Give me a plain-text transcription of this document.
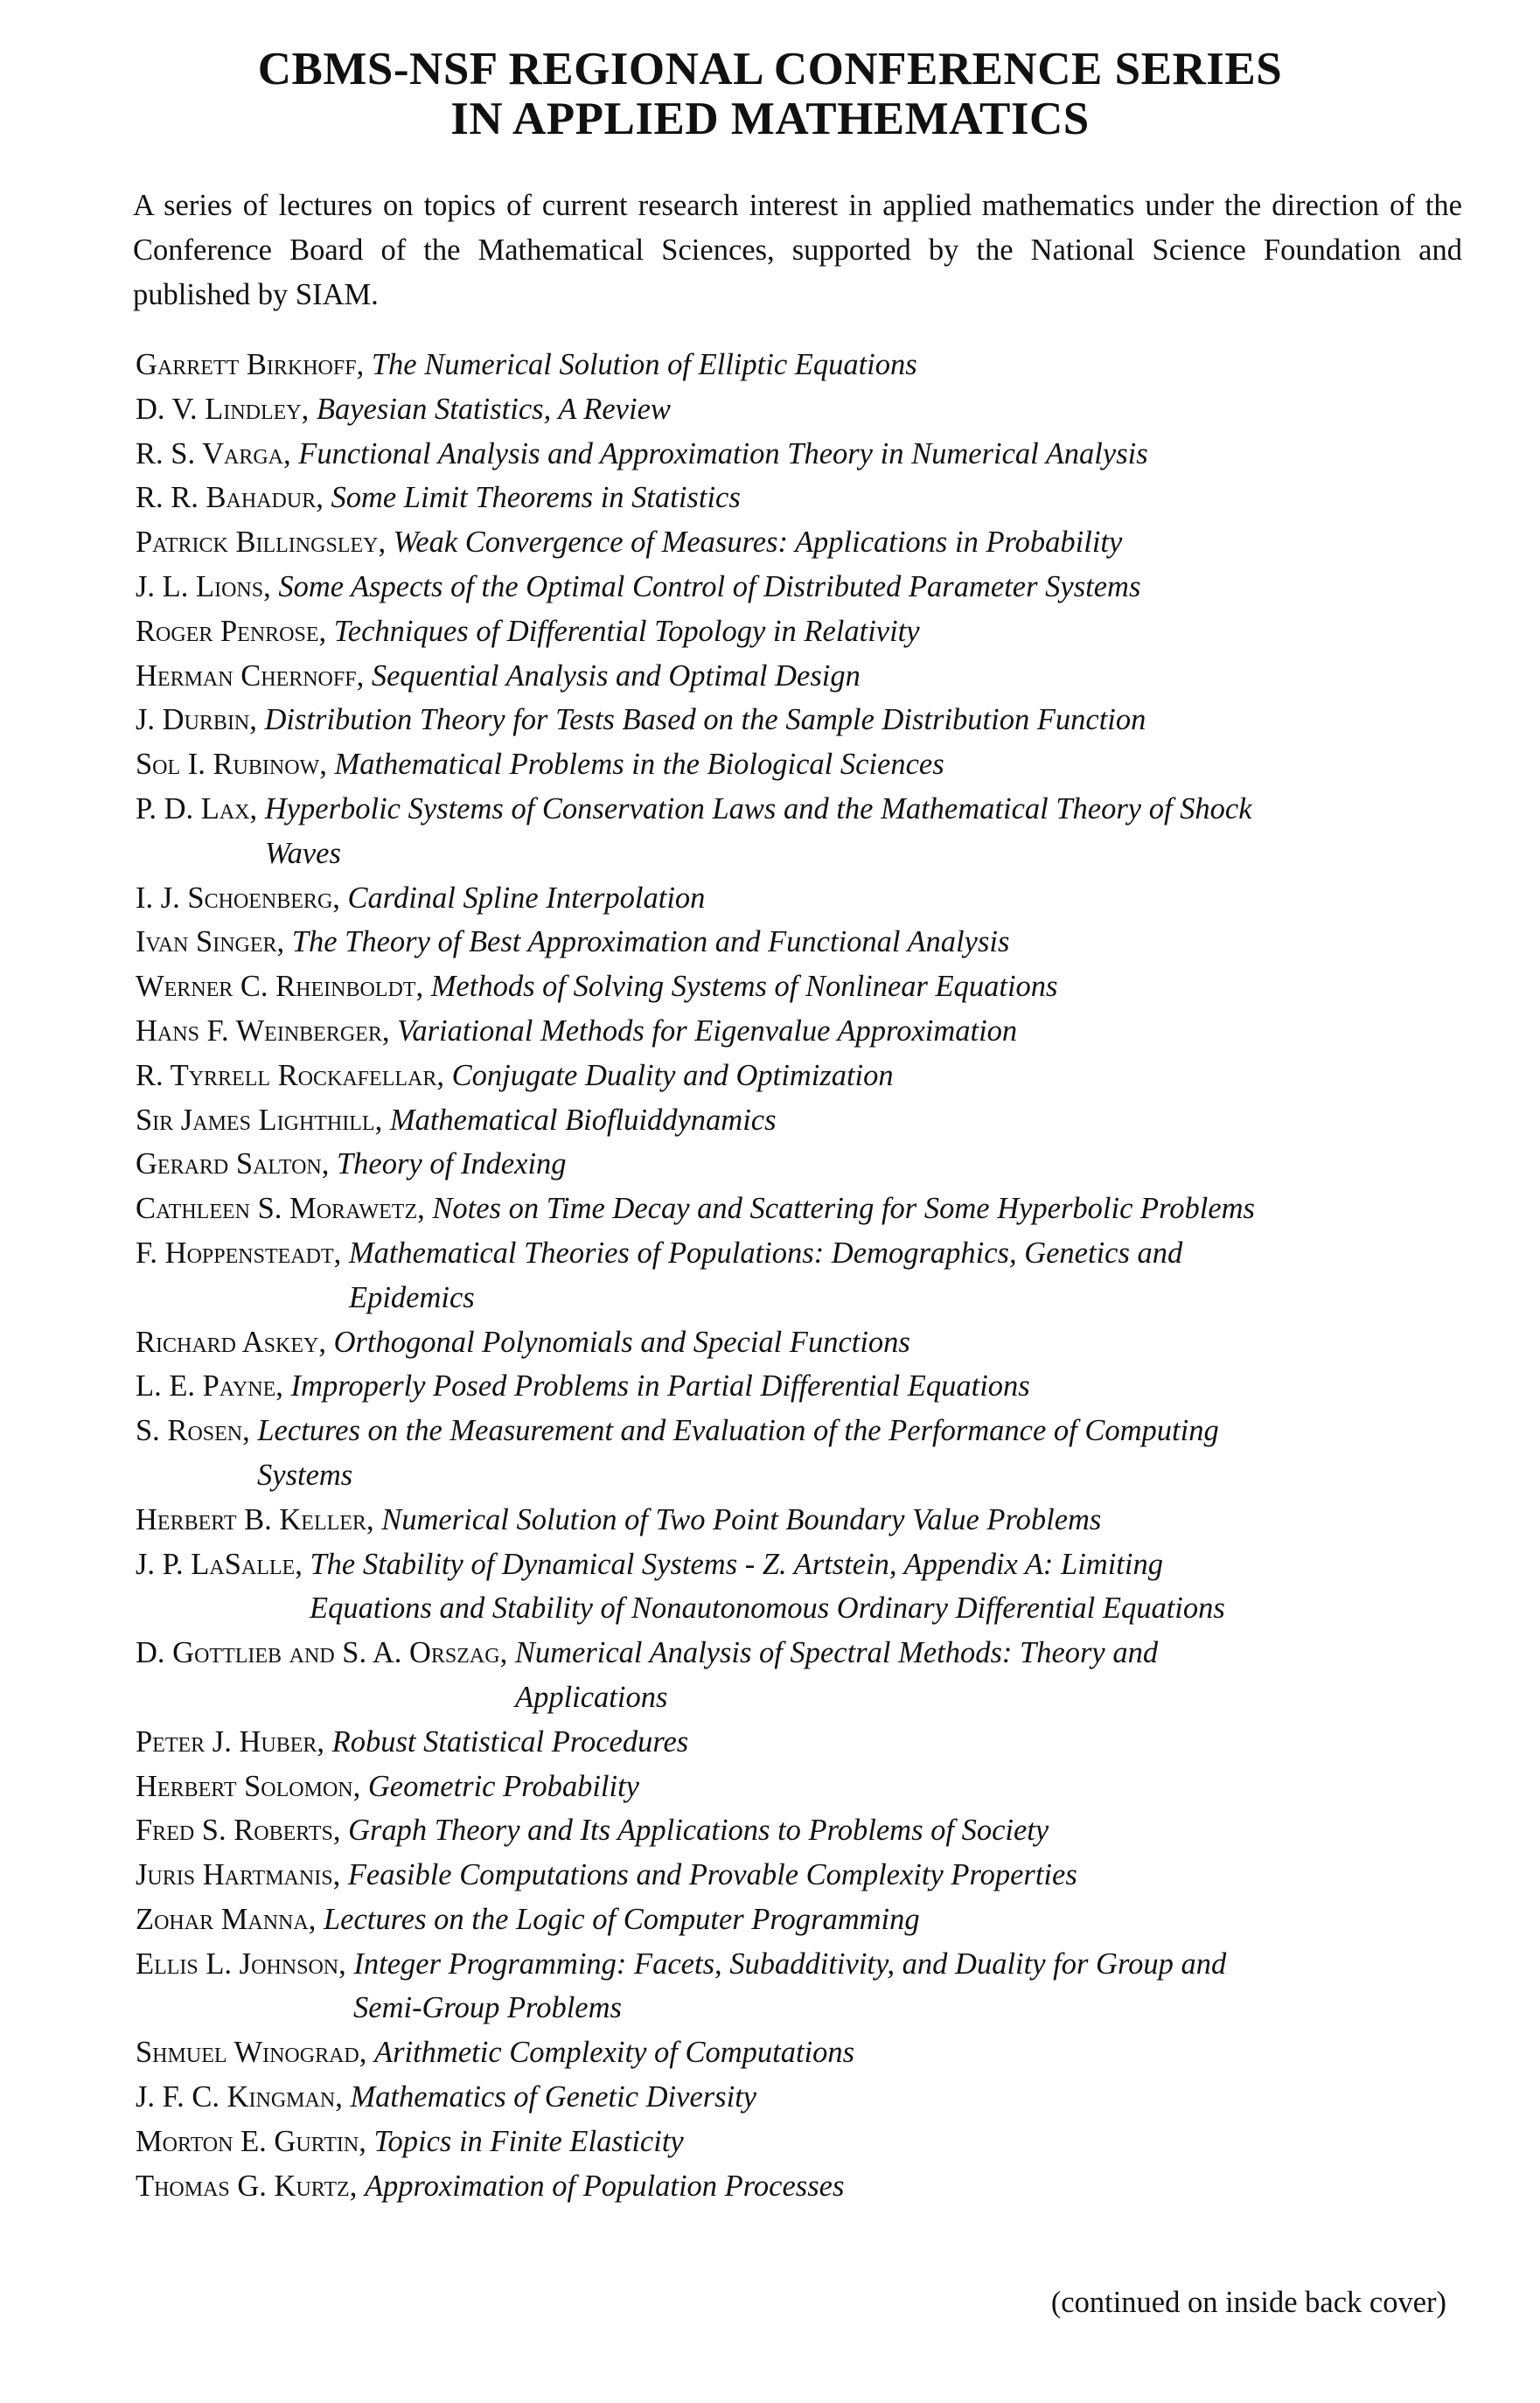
CBMS-NSF REGIONAL CONFERENCE SERIES
IN APPLIED MATHEMATICS

A series of lectures on topics of current research interest in applied mathematics under the direction of the Conference Board of the Mathematical Sciences, supported by the National Science Foundation and published by SIAM.

Garrett Birkhoff, The Numerical Solution of Elliptic Equations
D. V. Lindley, Bayesian Statistics, A Review
R. S. Varga, Functional Analysis and Approximation Theory in Numerical Analysis
R. R. Bahadur, Some Limit Theorems in Statistics
Patrick Billingsley, Weak Convergence of Measures: Applications in Probability
J. L. Lions, Some Aspects of the Optimal Control of Distributed Parameter Systems
Roger Penrose, Techniques of Differential Topology in Relativity
Herman Chernoff, Sequential Analysis and Optimal Design
J. Durbin, Distribution Theory for Tests Based on the Sample Distribution Function
Sol I. Rubinow, Mathematical Problems in the Biological Sciences
P. D. Lax, Hyperbolic Systems of Conservation Laws and the Mathematical Theory of Shock
Waves
I. J. Schoenberg, Cardinal Spline Interpolation
Ivan Singer, The Theory of Best Approximation and Functional Analysis
Werner C. Rheinboldt, Methods of Solving Systems of Nonlinear Equations
Hans F. Weinberger, Variational Methods for Eigenvalue Approximation
R. Tyrrell Rockafellar, Conjugate Duality and Optimization
Sir James Lighthill, Mathematical Biofluiddynamics
Gerard Salton, Theory of Indexing
Cathleen S. Morawetz, Notes on Time Decay and Scattering for Some Hyperbolic Problems
F. Hoppensteadt, Mathematical Theories of Populations: Demographics, Genetics and
Epidemics
Richard Askey, Orthogonal Polynomials and Special Functions
L. E. Payne, Improperly Posed Problems in Partial Differential Equations
S. Rosen, Lectures on the Measurement and Evaluation of the Performance of Computing
Systems
Herbert B. Keller, Numerical Solution of Two Point Boundary Value Problems
J. P. LaSalle, The Stability of Dynamical Systems - Z. Artstein, Appendix A: Limiting
Equations and Stability of Nonautonomous Ordinary Differential Equations
D. Gottlieb and S. A. Orszag, Numerical Analysis of Spectral Methods: Theory and
Applications
Peter J. Huber, Robust Statistical Procedures
Herbert Solomon, Geometric Probability
Fred S. Roberts, Graph Theory and Its Applications to Problems of Society
Juris Hartmanis, Feasible Computations and Provable Complexity Properties
Zohar Manna, Lectures on the Logic of Computer Programming
Ellis L. Johnson, Integer Programming: Facets, Subadditivity, and Duality for Group and
Semi-Group Problems
Shmuel Winograd, Arithmetic Complexity of Computations
J. F. C. Kingman, Mathematics of Genetic Diversity
Morton E. Gurtin, Topics in Finite Elasticity
Thomas G. Kurtz, Approximation of Population Processes
(continued on inside back cover)
